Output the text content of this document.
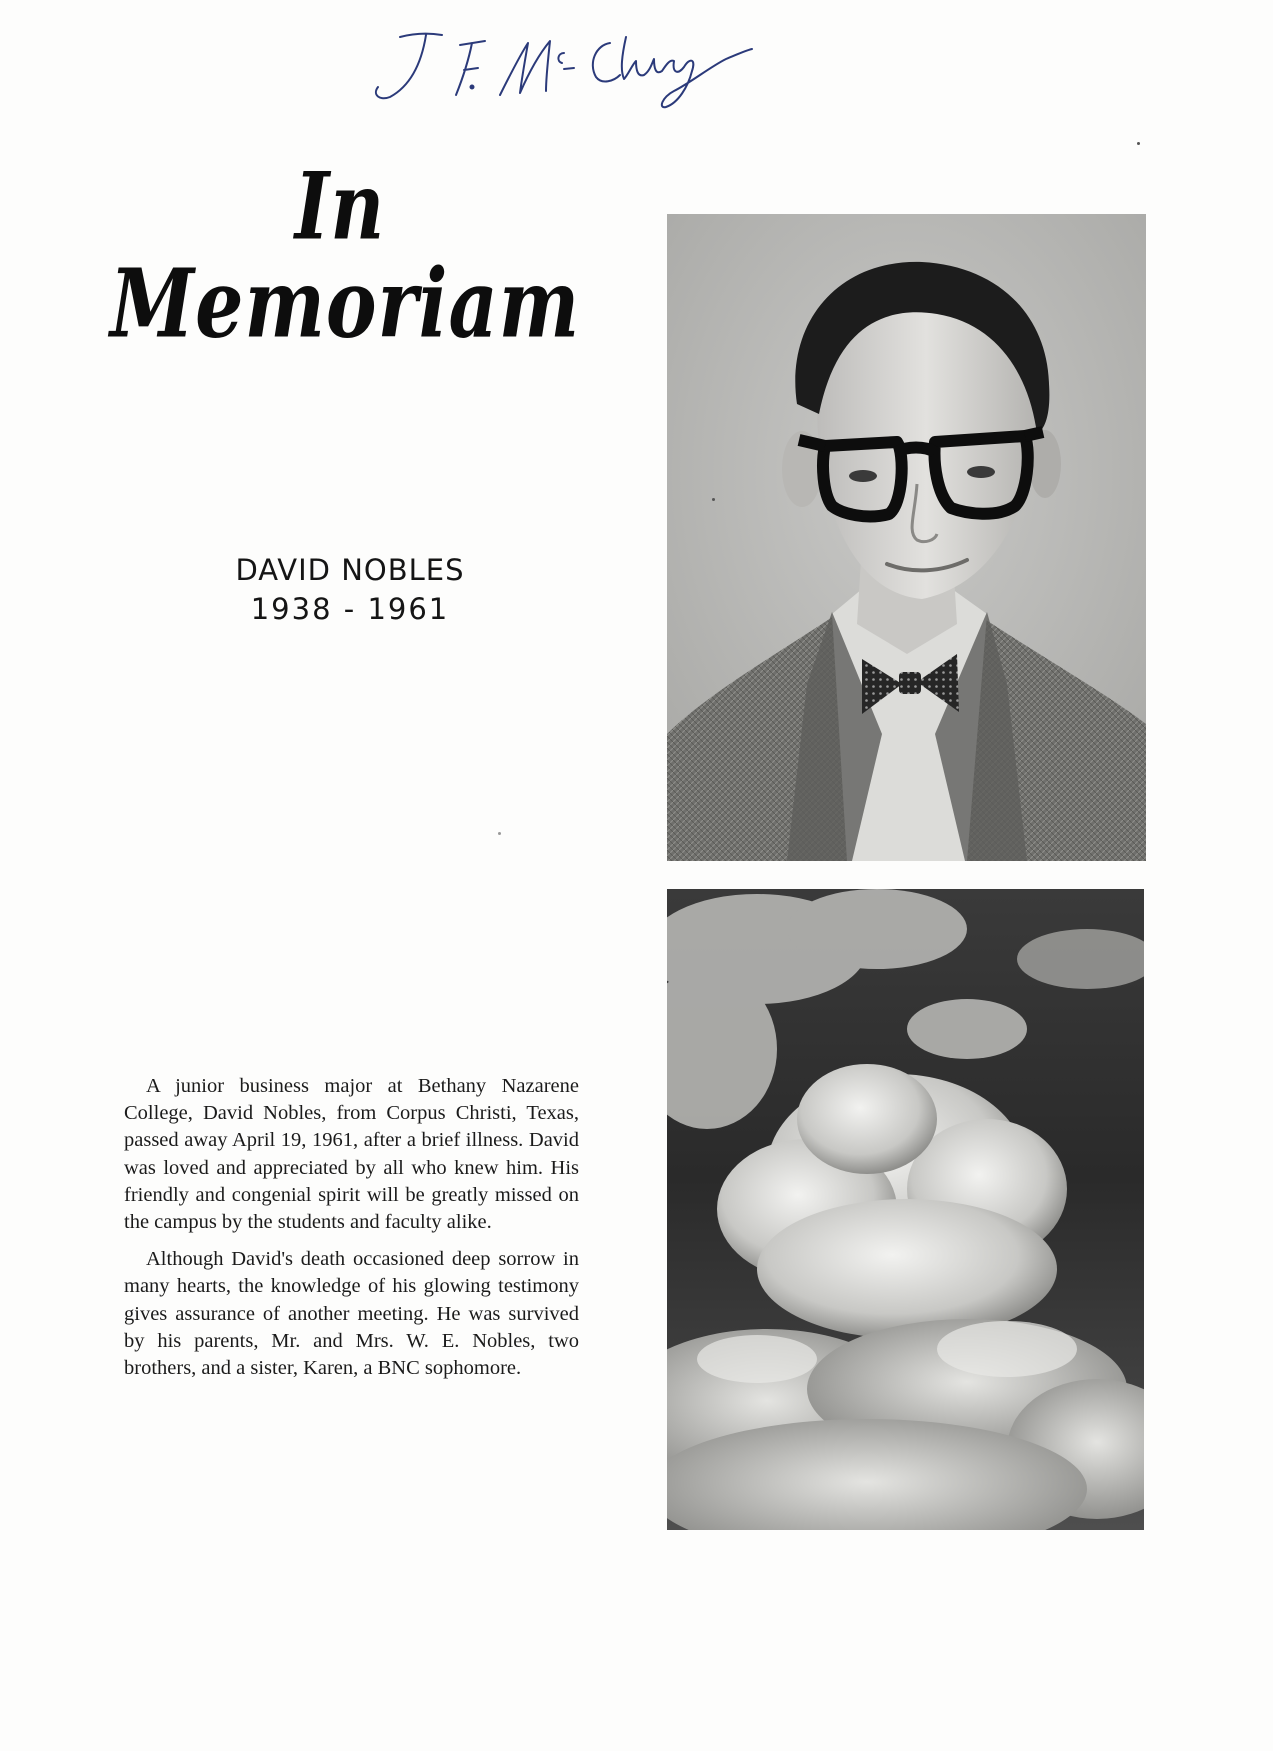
In
Memoriam
DAVID NOBLES
1938 - 1961

A junior business major at Bethany Nazarene College, David Nobles, from Corpus Christi, Texas, passed away April 19, 1961, after a brief illness. David was loved and appreciated by all who knew him. His friendly and congenial spirit will be greatly missed on the campus by the students and faculty alike.

Although David's death occasioned deep sorrow in many hearts, the knowledge of his glowing testimony gives assurance of another meeting. He was survived by his parents, Mr. and Mrs. W. E. Nobles, two brothers, and a sister, Karen, a BNC sophomore.
